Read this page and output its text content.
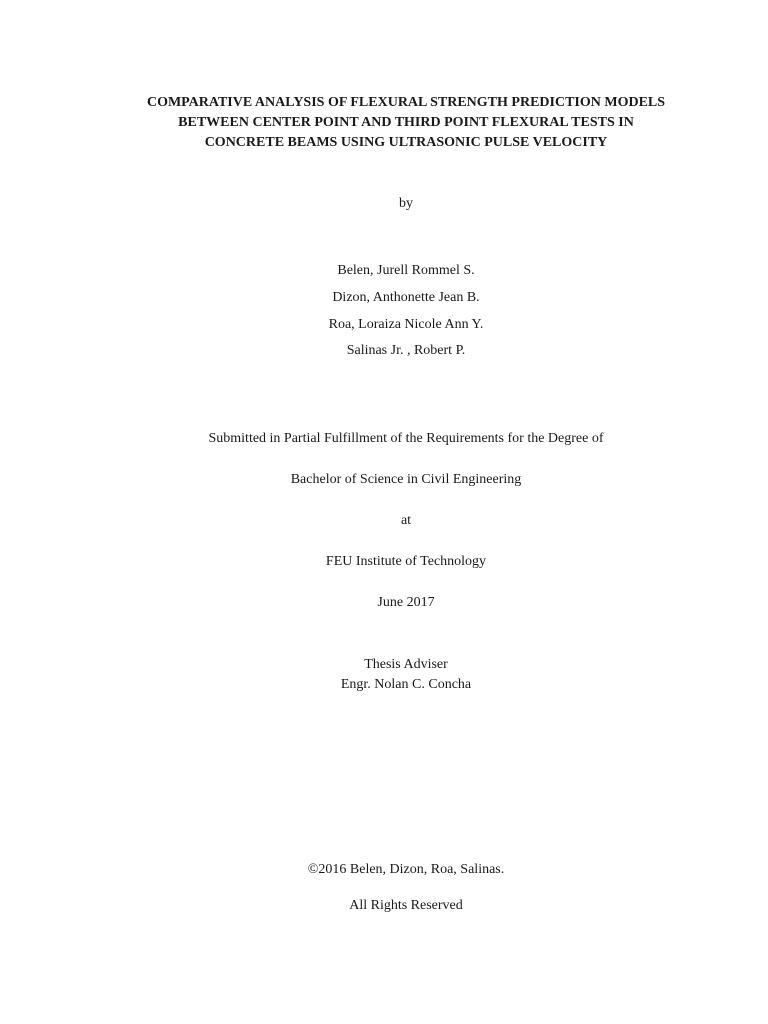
COMPARATIVE ANALYSIS OF FLEXURAL STRENGTH PREDICTION MODELS
BETWEEN CENTER POINT AND THIRD POINT FLEXURAL TESTS IN
CONCRETE BEAMS USING ULTRASONIC PULSE VELOCITY
by
Belen, Jurell Rommel S.
Dizon, Anthonette Jean B.
Roa, Loraiza Nicole Ann Y.
Salinas Jr. , Robert P.
Submitted in Partial Fulfillment of the Requirements for the Degree of
Bachelor of Science in Civil Engineering
at
FEU Institute of Technology
June 2017
Thesis Adviser
Engr. Nolan C. Concha
©2016 Belen, Dizon, Roa, Salinas.
All Rights Reserved
